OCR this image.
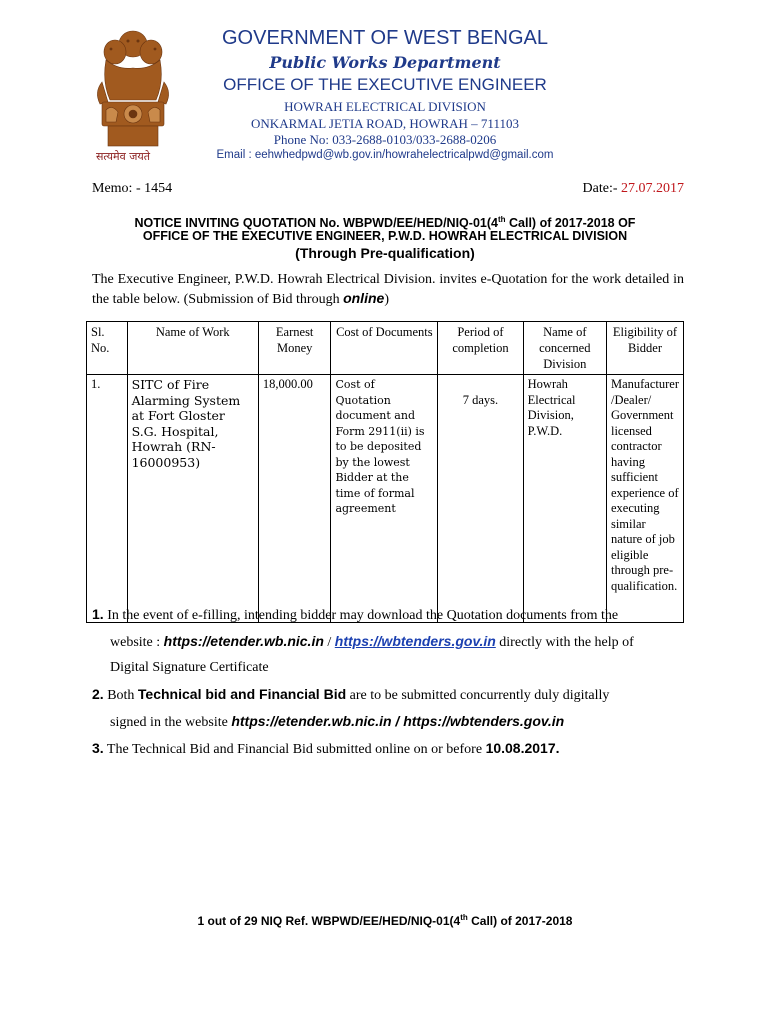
सत्यमेव जयते
GOVERNMENT OF WEST BENGAL
Public Works Department
OFFICE OF THE EXECUTIVE ENGINEER
HOWRAH ELECTRICAL DIVISION
ONKARMAL JETIA ROAD, HOWRAH – 711103
Phone No: 033-2688-0103/033-2688-0206
Email : eehwhedpwd@wb.gov.in/howrahelectricalpwd@gmail.com
Memo: - 1454	Date:- 27.07.2017
NOTICE INVITING QUOTATION No. WBPWD/EE/HED/NIQ-01(4th Call) of 2017-2018 OF
OFFICE OF THE EXECUTIVE ENGINEER, P.W.D. HOWRAH ELECTRICAL DIVISION
(Through Pre-qualification)
The Executive Engineer, P.W.D. Howrah Electrical Division. invites e-Quotation for the work detailed in the table below. (Submission of Bid through online)
Sl. No.	Name of Work	Earnest Money	Cost of Documents	Period of completion	Name of concerned Division	Eligibility of Bidder
1.	SITC of Fire Alarming System at Fort Gloster S.G. Hospital, Howrah (RN-16000953)	18,000.00	Cost of Quotation document and Form 2911(ii) is to be deposited by the lowest Bidder at the time of formal agreement	7 days.	Howrah Electrical Division, P.W.D.	Manufacturer /Dealer/ Government licensed contractor having sufficient experience of executing similar nature of job eligible through pre-qualification.
1. In the event of e-filling, intending bidder may download the Quotation documents from the
website : https://etender.wb.nic.in / https://wbtenders.gov.in directly with the help of
Digital Signature Certificate
2. Both Technical bid and Financial Bid are to be submitted concurrently duly digitally
signed in the website https://etender.wb.nic.in / https://wbtenders.gov.in
3. The Technical Bid and Financial Bid submitted online on or before 10.08.2017.
1 out of 29 NIQ Ref. WBPWD/EE/HED/NIQ-01(4th Call) of 2017-2018
